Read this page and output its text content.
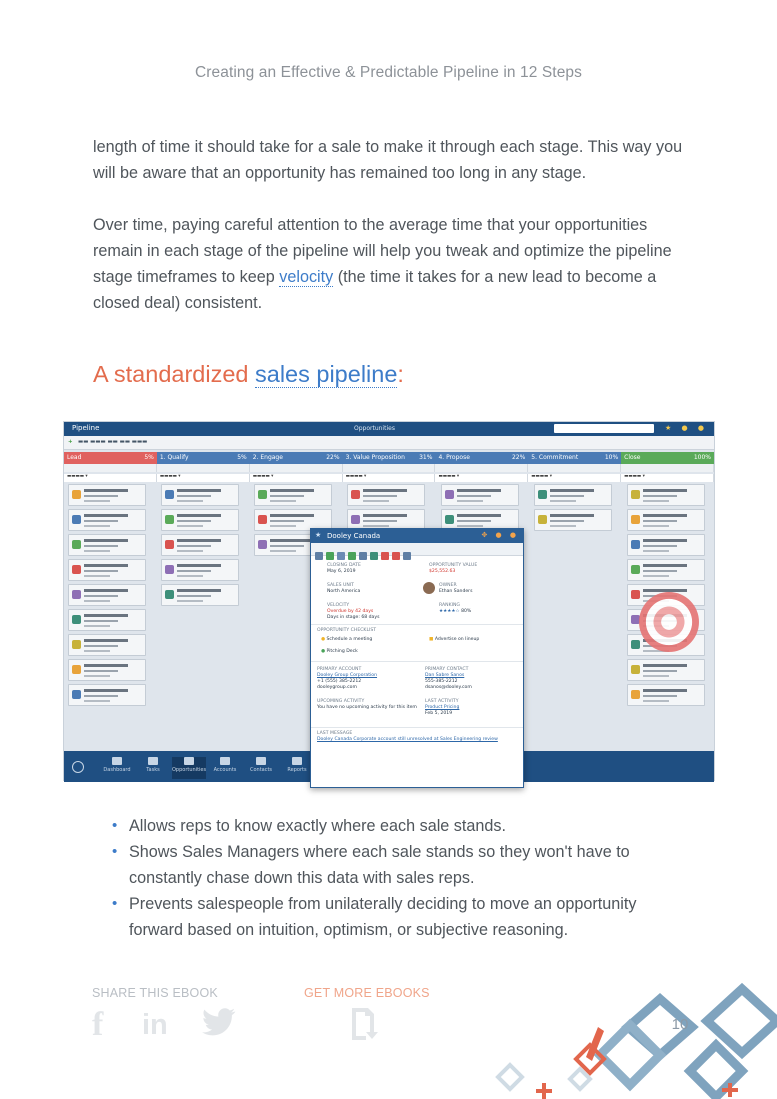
Creating an Effective & Predictable Pipeline in 12 Steps

length of time it should take for a sale to make it through each stage. This way you will be aware that an opportunity has remained too long in any stage.

Over time, paying careful attention to the average time that your opportunities remain in each stage of the pipeline will help you tweak and optimize the pipeline stage timeframes to keep velocity (the time it takes for a new lead to become a closed deal) consistent.

A standardized sales pipeline:
Pipeline	Opportunities	★ ● ●
+ ▬▬ ▬▬▬ ▬▬ ▬▬ ▬▬▬
Lead	5%	1. Qualify	5%	2. Engage	22%	3. Value Proposition 31%	4. Propose	22%	5. Commitment	10%	Close	100%
▬▬▬▬ ▾	▬▬▬▬ ▾	▬▬▬▬ ▾	▬▬▬▬ ▾	▬▬▬▬ ▾	▬▬▬▬ ▾	▬▬▬▬ ▾
Dashboard	Tasks	Opportunities	Accounts	Contacts	Reports
★ Dooley Canada	✥ ● ●
CLOSING DATE
May 6, 2019
OPPORTUNITY VALUE
$25,552.63
SALES UNIT
North America
OWNER
Ethan Sanders
VELOCITY
Overdue by 42 days
Days in stage: 68 days
RANKING
★★★★☆ 80%
OPPORTUNITY CHECKLIST
● Schedule a meeting	■ Advertise on lineup
● Pitching Deck
PRIMARY ACCOUNT
Dooley Group Corporation
+1 (555) 385-2212
dooleygroup.com
PRIMARY CONTACT
Dan Sabre Sanos
555-385-2212
dsanos@dooley.com
UPCOMING ACTIVITY
You have no upcoming activity for this item
LAST ACTIVITY
Product Pricing
Feb 5, 2019
LAST MESSAGE
Dooley Canada Corporate account still unresolved at Sales Engineering review
• Allows reps to know exactly where each sale stands.
• Shows Sales Managers where each sale stands so they won't have to constantly chase down this data with sales reps.
• Prevents salespeople from unilaterally deciding to move an opportunity forward based on intuition, optimism, or subjective reasoning.
SHARE THIS EBOOK	GET MORE EBOOKS
f in	10
